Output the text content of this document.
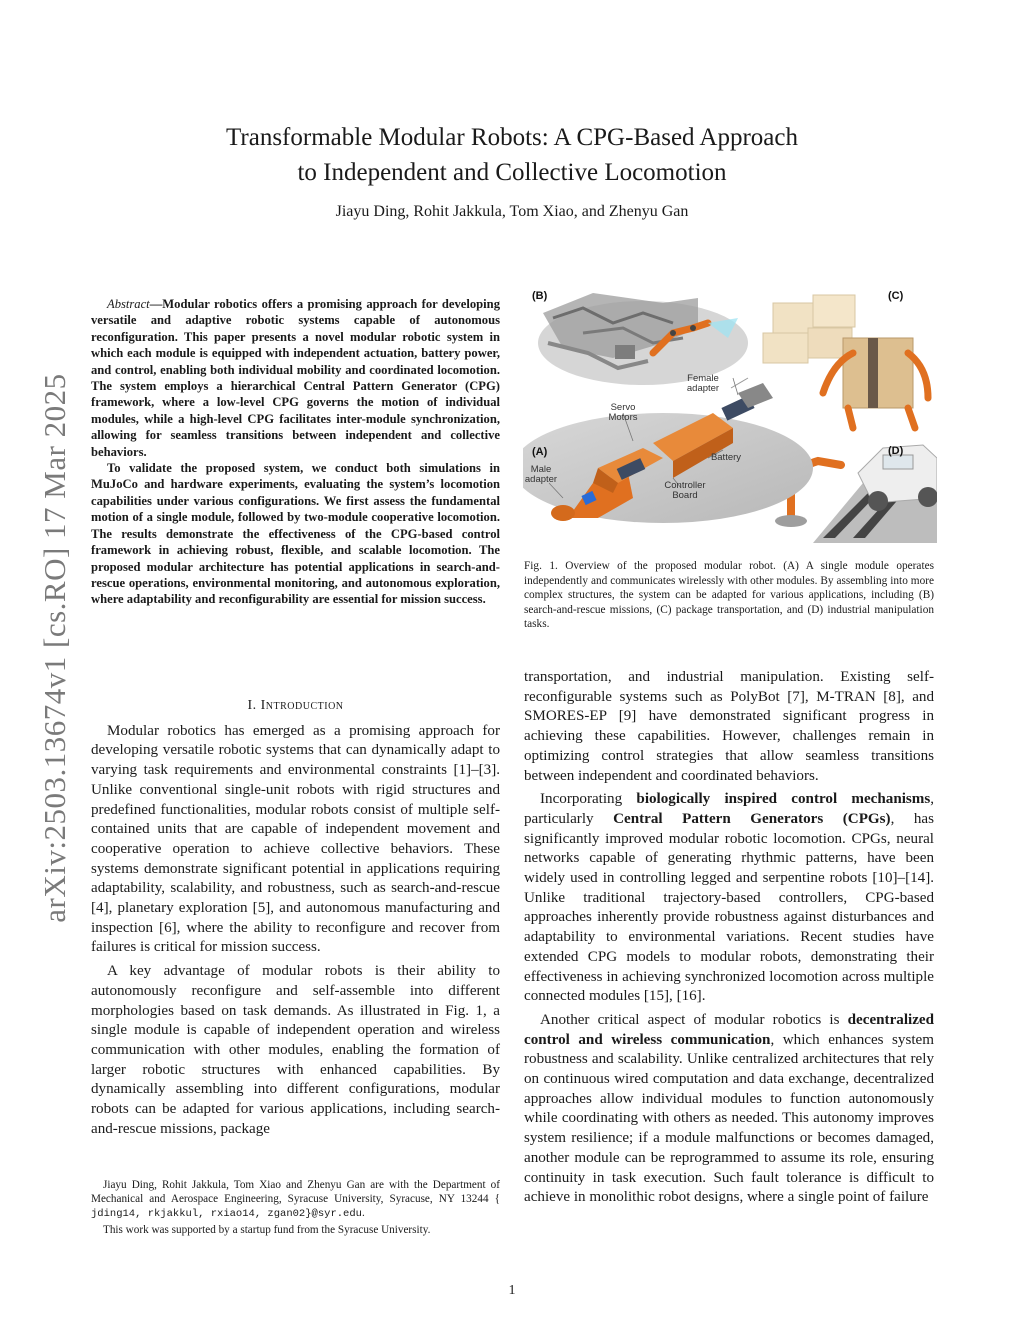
arXiv:2503.13674v1 [cs.RO] 17 Mar 2025
Transformable Modular Robots: A CPG-Based Approach
to Independent and Collective Locomotion
Jiayu Ding, Rohit Jakkula, Tom Xiao, and Zhenyu Gan

Abstract—Modular robotics offers a promising approach for developing versatile and adaptive robotic systems capable of autonomous reconfiguration. This paper presents a novel modular robotic system in which each module is equipped with independent actuation, battery power, and control, enabling both individual mobility and coordinated locomotion. The system employs a hierarchical Central Pattern Generator (CPG) framework, where a low-level CPG governs the motion of individual modules, while a high-level CPG facilitates inter-module synchronization, allowing for seamless transitions between independent and collective behaviors.

To validate the proposed system, we conduct both simulations in MuJoCo and hardware experiments, evaluating the system’s locomotion capabilities under various configurations. We first assess the fundamental motion of a single module, followed by two-module cooperative locomotion. The results demonstrate the effectiveness of the CPG-based control framework in achieving robust, flexible, and scalable locomotion. The proposed modular architecture has potential applications in search-and-rescue operations, environmental monitoring, and autonomous exploration, where adaptability and reconfigurability are essential for mission success.

I. Introduction

Modular robotics has emerged as a promising approach for developing versatile robotic systems that can dynamically adapt to varying task requirements and environmental constraints [1]–[3]. Unlike conventional single-unit robots with rigid structures and predefined functionalities, modular robots consist of multiple self-contained units that are capable of independent movement and cooperative operation to achieve collective behaviors. These systems demonstrate significant potential in applications requiring adaptability, scalability, and robustness, such as search-and-rescue [4], planetary exploration [5], and autonomous manufacturing and inspection [6], where the ability to reconfigure and recover from failures is critical for mission success.

A key advantage of modular robots is their ability to autonomously reconfigure and self-assemble into different morphologies based on task demands. As illustrated in Fig. 1, a single module is capable of independent operation and wireless communication with other modules, enabling the formation of larger robotic structures with enhanced capabilities. By dynamically assembling into different configurations, modular robots can be adapted for various applications, including search-and-rescue missions, package

Jiayu Ding, Rohit Jakkula, Tom Xiao and Zhenyu Gan are with the Department of Mechanical and Aerospace Engineering, Syracuse University, Syracuse, NY 13244 { jding14, rkjakkul, rxiao14, zgan02}@syr.edu.

This work was supported by a startup fund from the Syracuse University.

(B)	(C)
(A)	(D)
Female
adapter
Servo
Motors
Battery
Male
adapter
Controller
Board
Fig. 1. Overview of the proposed modular robot. (A) A single module operates independently and communicates wirelessly with other modules. By assembling into more complex structures, the system can be adapted for various applications, including (B) search-and-rescue missions, (C) package transportation, and (D) industrial manipulation tasks.

transportation, and industrial manipulation. Existing self-reconfigurable systems such as PolyBot [7], M-TRAN [8], and SMORES-EP [9] have demonstrated significant progress in achieving these capabilities. However, challenges remain in optimizing control strategies that allow seamless transitions between independent and coordinated behaviors.

Incorporating biologically inspired control mechanisms, particularly Central Pattern Generators (CPGs), has significantly improved modular robotic locomotion. CPGs, neural networks capable of generating rhythmic patterns, have been widely used in controlling legged and serpentine robots [10]–[14]. Unlike traditional trajectory-based controllers, CPG-based approaches inherently provide robustness against disturbances and adaptability to environmental variations. Recent studies have extended CPG models to modular robots, demonstrating their effectiveness in achieving synchronized locomotion across multiple connected modules [15], [16].

Another critical aspect of modular robotics is decentralized control and wireless communication, which enhances system robustness and scalability. Unlike centralized architectures that rely on continuous wired computation and data exchange, decentralized approaches allow individual modules to function autonomously while coordinating with others as needed. This autonomy improves system resilience; if a module malfunctions or becomes damaged, another module can be reprogrammed to assume its role, ensuring continuity in task execution. Such fault tolerance is difficult to achieve in monolithic robot designs, where a single point of failure

1
